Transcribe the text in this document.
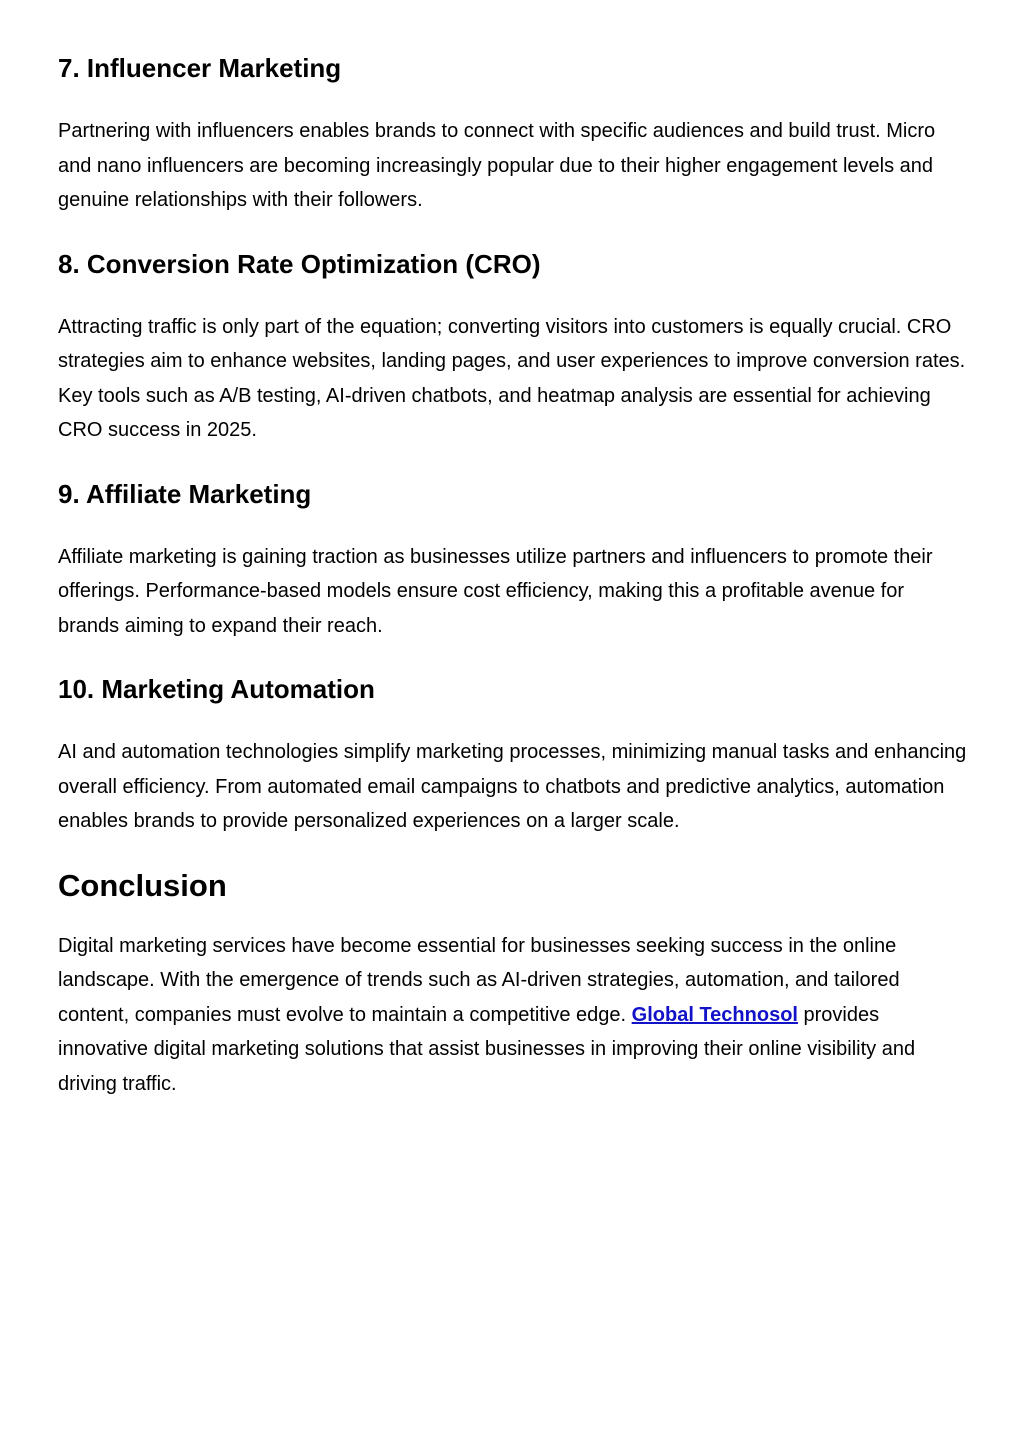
7. Influencer Marketing

Partnering with influencers enables brands to connect with specific audiences and build trust. Micro and nano influencers are becoming increasingly popular due to their higher engagement levels and genuine relationships with their followers.

8. Conversion Rate Optimization (CRO)

Attracting traffic is only part of the equation; converting visitors into customers is equally crucial. CRO strategies aim to enhance websites, landing pages, and user experiences to improve conversion rates. Key tools such as A/B testing, AI-driven chatbots, and heatmap analysis are essential for achieving CRO success in 2025.

9. Affiliate Marketing

Affiliate marketing is gaining traction as businesses utilize partners and influencers to promote their offerings. Performance-based models ensure cost efficiency, making this a profitable avenue for brands aiming to expand their reach.

10. Marketing Automation

AI and automation technologies simplify marketing processes, minimizing manual tasks and enhancing overall efficiency. From automated email campaigns to chatbots and predictive analytics, automation enables brands to provide personalized experiences on a larger scale.

Conclusion

Digital marketing services have become essential for businesses seeking success in the online landscape. With the emergence of trends such as AI-driven strategies, automation, and tailored content, companies must evolve to maintain a competitive edge. Global Technosol provides innovative digital marketing solutions that assist businesses in improving their online visibility and driving traffic.
